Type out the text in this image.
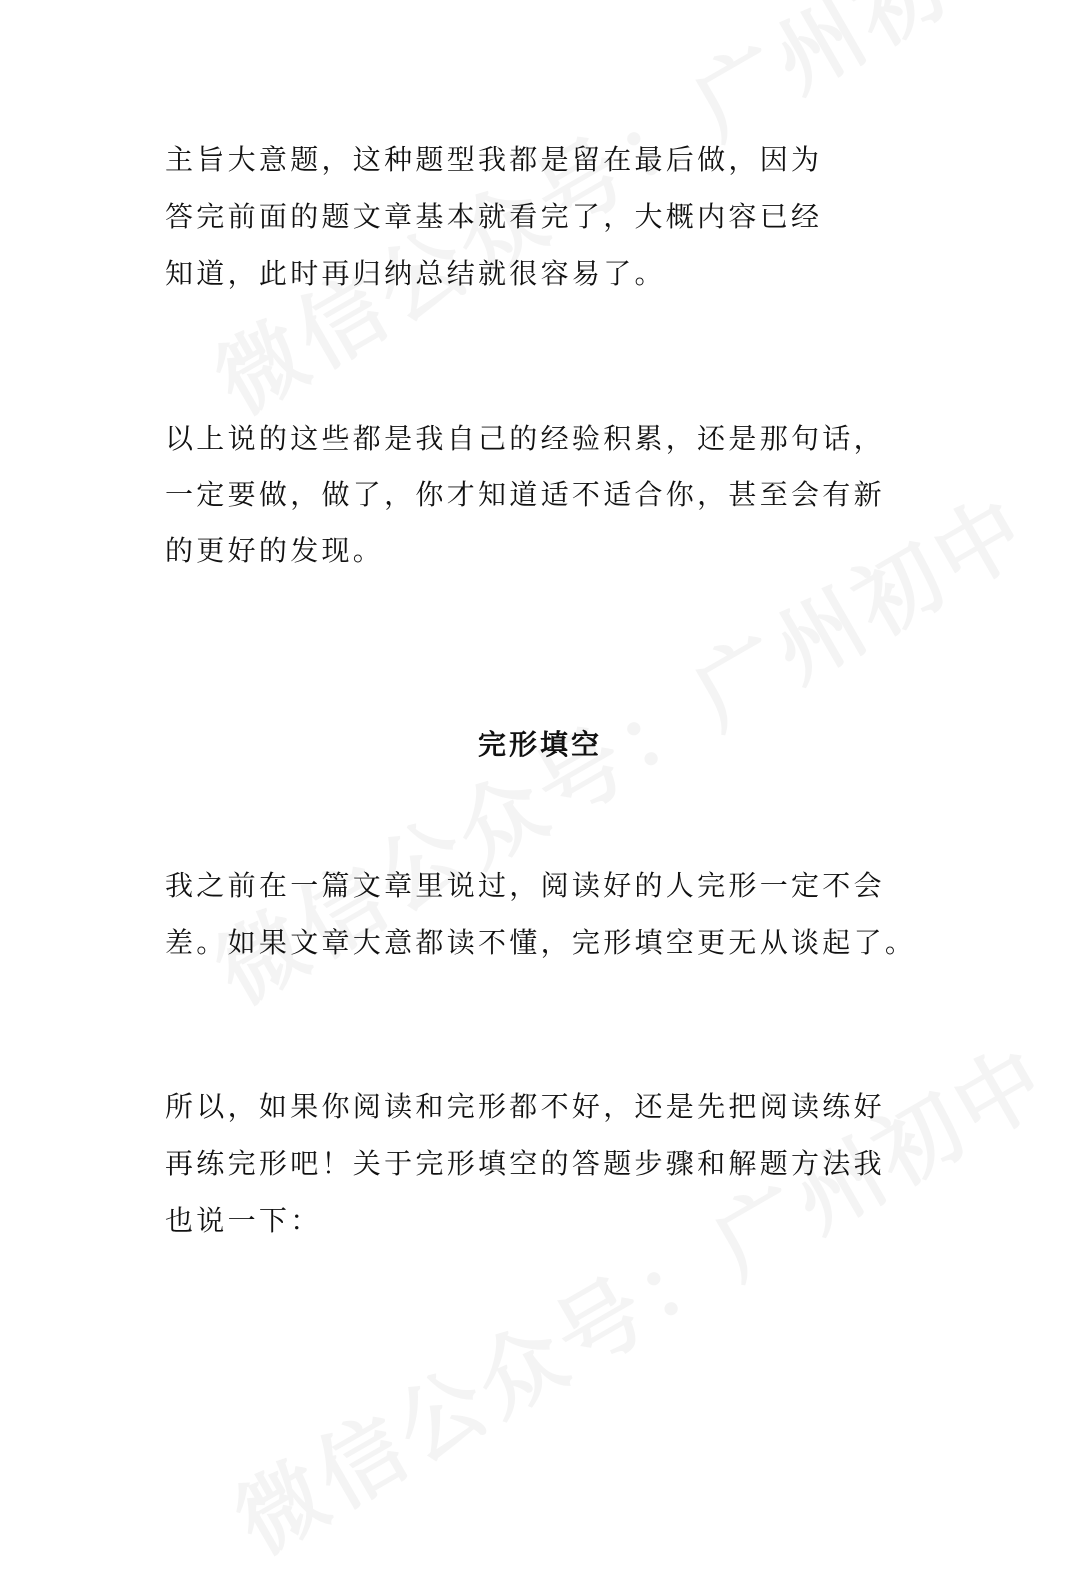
主旨大意题，这种题型我都是留在最后做，因为
答完前面的题文章基本就看完了，大概内容已经
知道，此时再归纳总结就很容易了。

以上说的这些都是我自己的经验积累，还是那句话，
一定要做，做了，你才知道适不适合你，甚至会有新
的更好的发现。

完形填空

我之前在一篇文章里说过，阅读好的人完形一定不会
差。如果文章大意都读不懂，完形填空更无从谈起了。

所以，如果你阅读和完形都不好，还是先把阅读练好
再练完形吧！关于完形填空的答题步骤和解题方法我
也说一下：
